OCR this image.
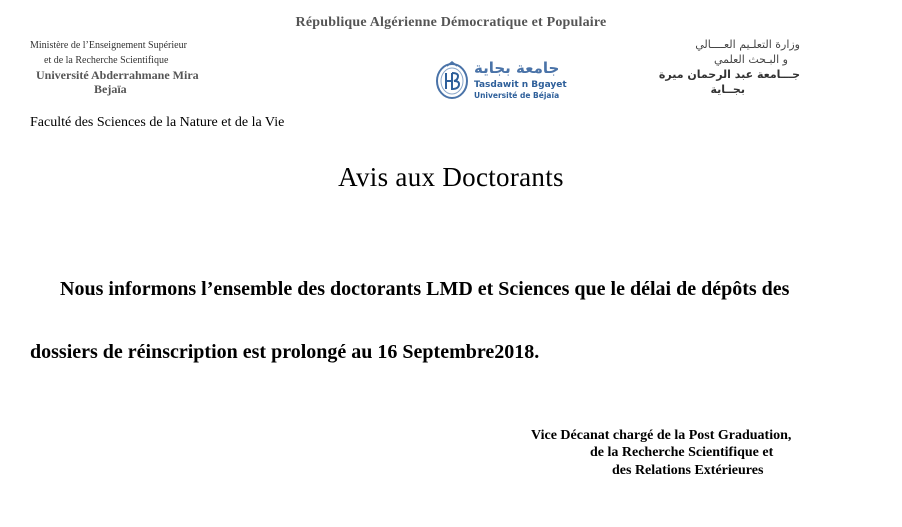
République Algérienne Démocratique et Populaire
Ministère de l’Enseignement Supérieur
et de la Recherche Scientifique
Université Abderrahmane Mira
Bejaïa
وزارة التعلـيم العــــالي
و البـحث العلمي
جـــامعة عبد الرحمان ميرة
بجــاية
جامعة بجاية
Tasdawit n Bgayet
Université de Béjaïa
Faculté des Sciences de la Nature et de la Vie
Avis aux Doctorants
Nous informons l’ensemble des doctorants LMD et Sciences que le délai de dépôts des
dossiers de réinscription est prolongé au 16 Septembre2018.
Vice Décanat chargé de la Post Graduation,
de la Recherche Scientifique et
des Relations Extérieures
